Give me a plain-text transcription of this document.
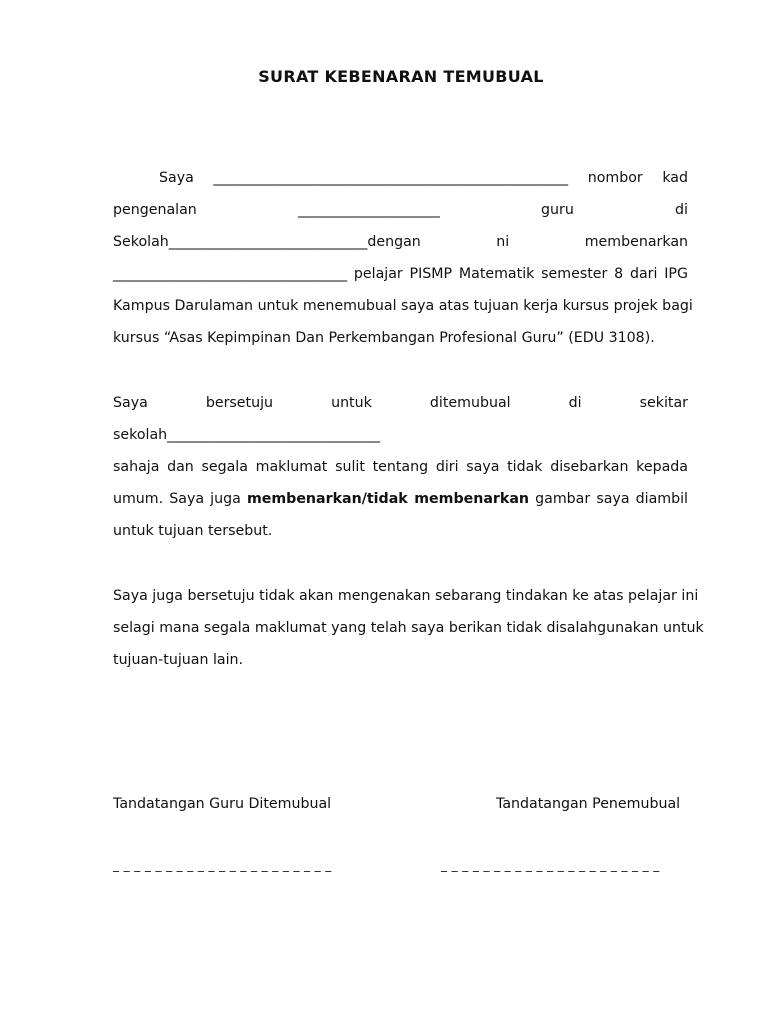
SURAT KEBENARAN TEMUBUAL
Saya __________________________________________________ nombor kad
pengenalan	____________________	guru	di
Sekolah____________________________dengan	ni	membenarkan
_________________________________ pelajar PISMP Matematik semester 8 dari IPG
Kampus Darulaman untuk menemubual saya atas tujuan kerja kursus projek bagi
kursus “Asas Kepimpinan Dan Perkembangan Profesional Guru” (EDU 3108).
Saya	bersetuju	untuk	ditemubual	di	sekitar
sekolah______________________________
sahaja dan segala maklumat sulit tentang diri saya tidak disebarkan kepada
umum. Saya juga membenarkan/tidak membenarkan gambar saya diambil
untuk tujuan tersebut.
Saya juga bersetuju tidak akan mengenakan sebarang tindakan ke atas pelajar ini
selagi mana segala maklumat yang telah saya berikan tidak disalahgunakan untuk
tujuan-tujuan lain.
Tandatangan Guru Ditemubual	Tandatangan Penemubual
_ _ _ _ _ _ _ _ _ _ _ _ _ _ _ _ _ _ _ _ _	_ _ _ _ _ _ _ _ _ _ _ _ _ _ _ _ _ _ _ _ _
